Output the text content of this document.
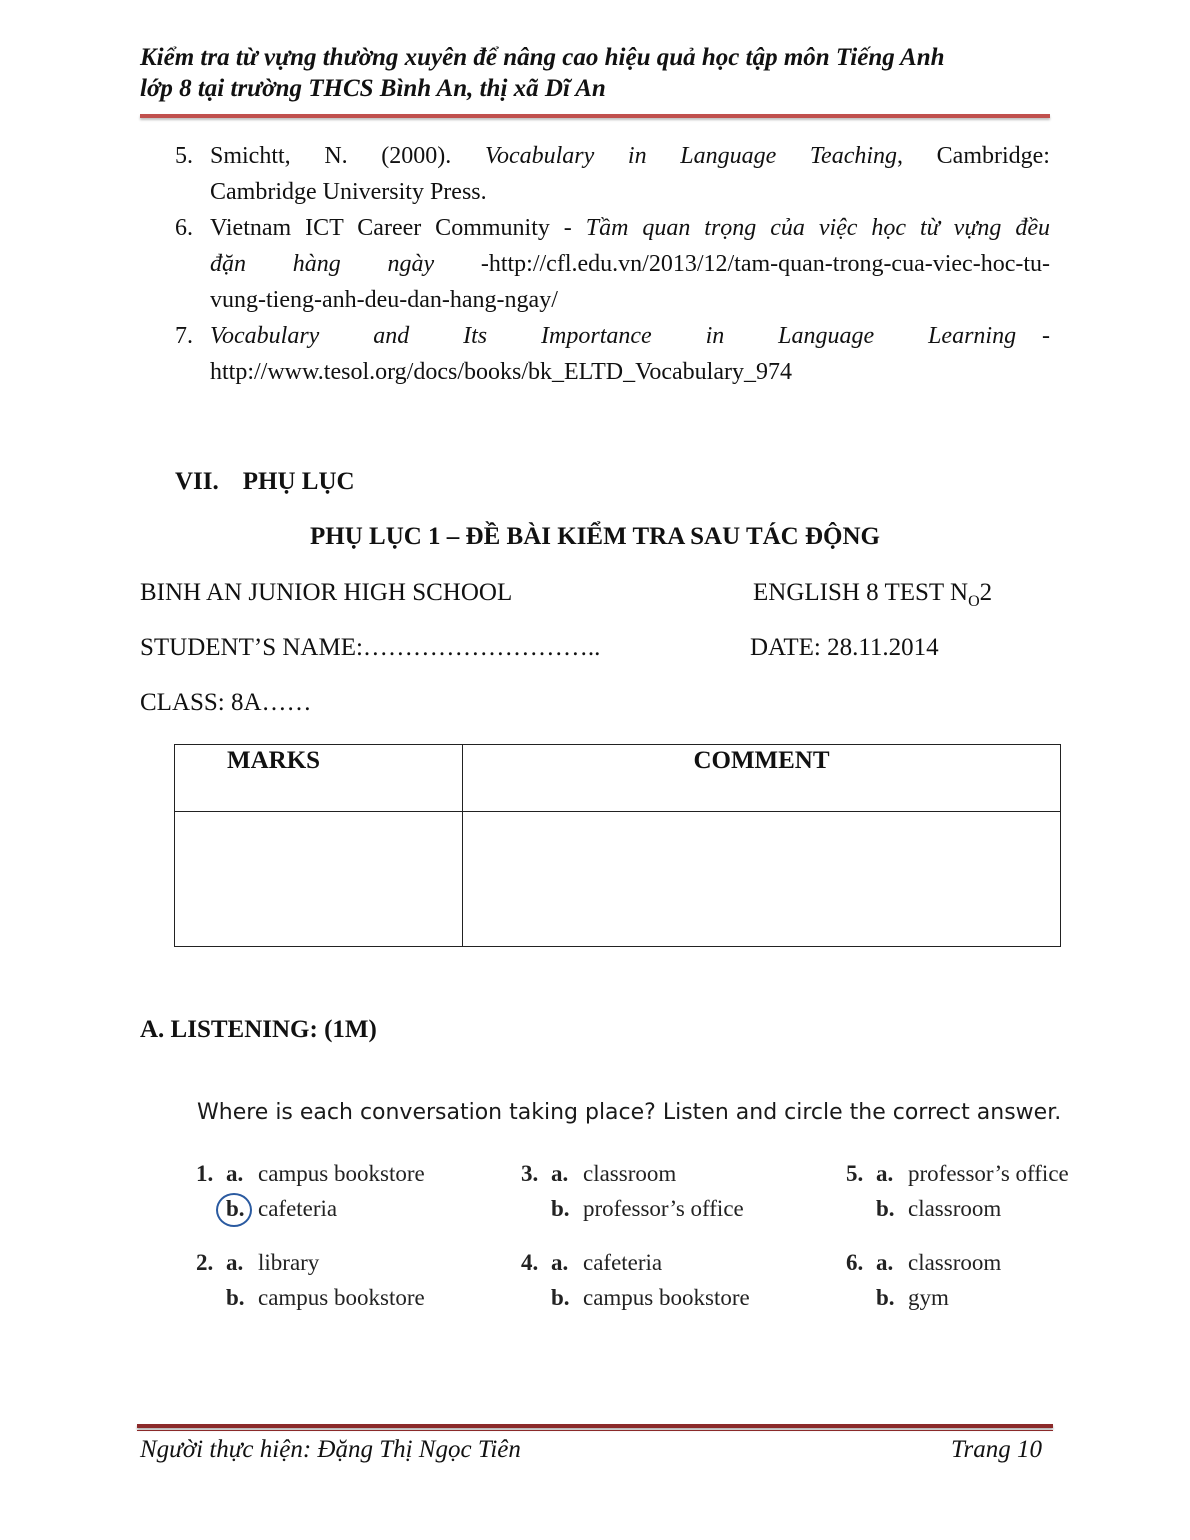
Kiểm tra từ vựng thường xuyên để nâng cao hiệu quả học tập môn Tiếng Anh
lớp 8 tại trường THCS Bình An, thị xã Dĩ An
5. Smichtt, N. (2000). Vocabulary in Language Teaching, Cambridge:
Cambridge University Press.
6. Vietnam ICT Career Community - Tầm quan trọng của việc học từ vựng đều
đặn hàng ngày -http://cfl.edu.vn/2013/12/tam-quan-trong-cua-viec-hoc-tu-
vung-tieng-anh-deu-dan-hang-ngay/
7. Vocabulary and Its Importance in Language Learning -
http://www.tesol.org/docs/books/bk_ELTD_Vocabulary_974
VII. PHỤ LỤC
PHỤ LỤC 1 – ĐỀ BÀI KIỂM TRA SAU TÁC ĐỘNG
BINH AN JUNIOR HIGH SCHOOL	ENGLISH 8 TEST $N_O2$
STUDENT’S NAME:………………………..	DATE: 28.11.2014
CLASS: 8A……
MARKS	COMMENT

A. LISTENING: (1M)
Where is each conversation taking place? Listen and circle the correct answer.
1. a. campus bookstore
b. cafeteria
2. a. library
b. campus bookstore
3. a. classroom
b. professor’s office
4. a. cafeteria
b. campus bookstore
5. a. professor’s office
b. classroom
6. a. classroom
b. gym
Người thực hiện: Đặng Thị Ngọc Tiên	Trang 10
